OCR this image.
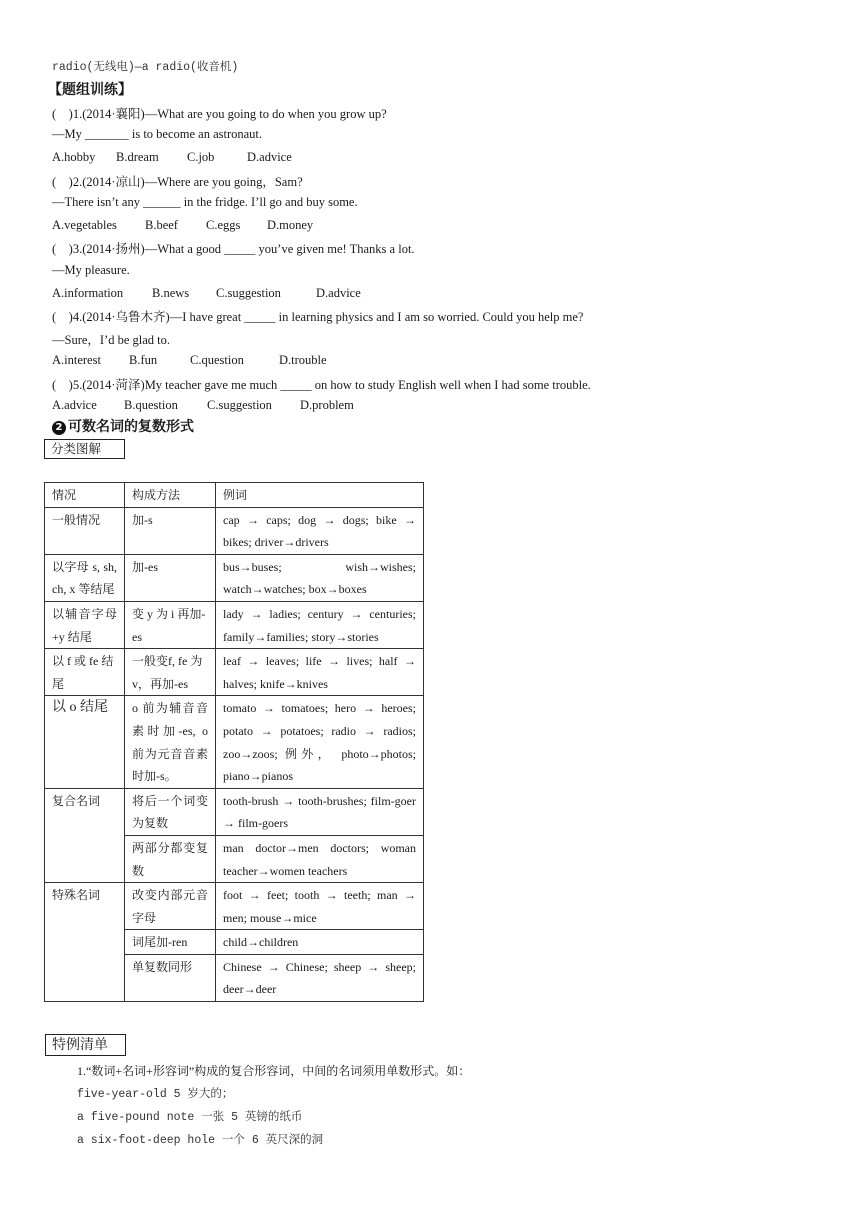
radio(无线电)—a radio(收音机)
【题组训练】
(    )1.(2014·襄阳)—What are you going to do when you grow up?
—My _______ is to become an astronaut.
A.hobby B.dream C.job	D.advice
(    )2.(2014·凉山)—Where are you going，Sam?
—There isn’t any ______ in the fridge. I’ll go and buy some.
A.vegetables B.beef C.eggs D.money
(    )3.(2014·扬州)—What a good _____ you’ve given me! Thanks a lot.
—My pleasure.
A.information B.news C.suggestion	D.advice
(    )4.(2014·乌鲁木齐)—I have great _____ in learning physics and I am so worried. Could you help me?
—Sure，I’d be glad to.
A.interest B.fun	C.question	D.trouble
(    )5.(2014·菏泽)My teacher gave me much _____ on how to study English well when I had some trouble.
A.advice B.question C.suggestion D.problem
2 可数名词的复数形式
分类图解
情况	构成方法	例词
一般情况	加-s	cap → caps; dog → dogs; bike → bikes; driver→drivers
以字母 s, sh, ch, x 等结尾	加-es	bus→buses; wish→wishes; watch→watches; box→boxes
以辅音字母+y 结尾	变 y 为 i 再加-es	lady → ladies; century → centuries; family→families; story→stories
以 f 或 fe 结尾	一般变f, fe 为 v，再加-es	leaf → leaves; life → lives; half → halves; knife→knives
以 o 结尾	o 前为辅音音素时加-es, o 前为元音音素时加-s。	tomato → tomatoes; hero → heroes; potato → potatoes; radio → radios; zoo→zoos; 例外， photo→photos; piano→pianos
复合名词	将后一个词变为复数	tooth-brush → tooth-brushes; film-goer → film-goers
	两部分都变复数	man doctor→men doctors; woman teacher→women teachers
特殊名词	改变内部元音字母	foot → feet; tooth → teeth; man → men; mouse→mice
	词尾加-ren	child→children
	单复数同形	Chinese → Chinese; sheep → sheep; deer→deer
特例清单
1.“数词+名词+形容词”构成的复合形容词，中间的名词须用单数形式。如：
five-year-old 5 岁大的；
a five-pound note 一张 5 英镑的纸币
a six-foot-deep hole 一个 6 英尺深的洞
